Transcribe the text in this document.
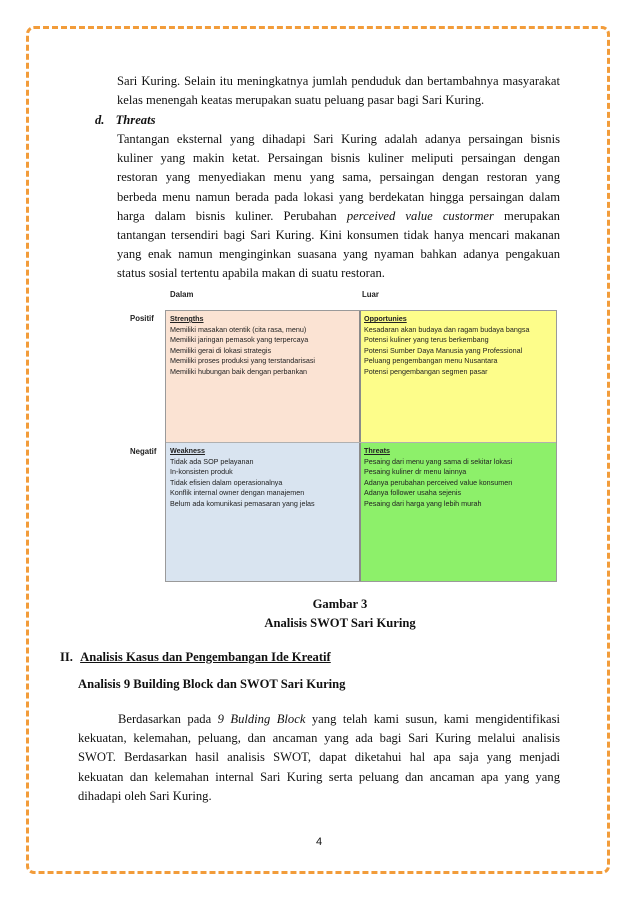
Sari Kuring. Selain itu meningkatnya jumlah penduduk dan bertambahnya masyarakat
kelas menengah keatas merupakan suatu peluang pasar bagi Sari Kuring.
d. Threats
Tantangan eksternal yang dihadapi Sari Kuring adalah adanya persaingan bisnis
kuliner yang makin ketat. Persaingan bisnis kuliner meliputi persaingan dengan
restoran yang menyediakan menu yang sama, persaingan dengan restoran yang
berbeda menu namun berada pada lokasi yang berdekatan hingga persaingan dalam
harga dalam bisnis kuliner. Perubahan perceived value custormer merupakan
tantangan tersendiri bagi Sari Kuring. Kini konsumen tidak hanya mencari makanan
yang enak namun menginginkan suasana yang nyaman bahkan adanya pengakuan
status sosial tertentu apabila makan di suatu restoran.
Dalam	Luar
Positif
Negatif
Strengths
Memiliki masakan otentik (cita rasa, menu)
Memiliki jaringan pemasok yang terpercaya
Memiliki gerai di lokasi strategis
Memiliki proses produksi yang terstandarisasi
Memiliki hubungan baik dengan perbankan
Opportunies
Kesadaran akan budaya dan ragam budaya bangsa
Potensi kuliner yang terus berkembang
Potensi Sumber Daya Manusia yang Professional
Peluang pengembangan menu Nusantara
Potensi pengembangan segmen pasar
Weakness
Tidak ada SOP pelayanan
In-konsisten produk
Tidak efisien dalam operasionalnya
Konflik internal owner dengan manajemen
Belum ada komunikasi pemasaran yang jelas
Threats
Pesaing dari menu yang sama di sekitar lokasi
Pesaing kuliner dr menu lainnya
Adanya perubahan perceived value konsumen
Adanya follower usaha sejenis
Pesaing dari harga yang lebih murah
Gambar 3
Analisis SWOT Sari Kuring
II. Analisis Kasus dan Pengembangan Ide Kreatif
Analisis 9 Building Block dan SWOT Sari Kuring
Berdasarkan pada 9 Bulding Block yang telah kami susun, kami mengidentifikasi
kekuatan, kelemahan, peluang, dan ancaman yang ada bagi Sari Kuring melalui analisis
SWOT. Berdasarkan hasil analisis SWOT, dapat diketahui hal apa saja yang menjadi
kekuatan dan kelemahan internal Sari Kuring serta peluang dan ancaman apa yang yang
dihadapi oleh Sari Kuring.
4
